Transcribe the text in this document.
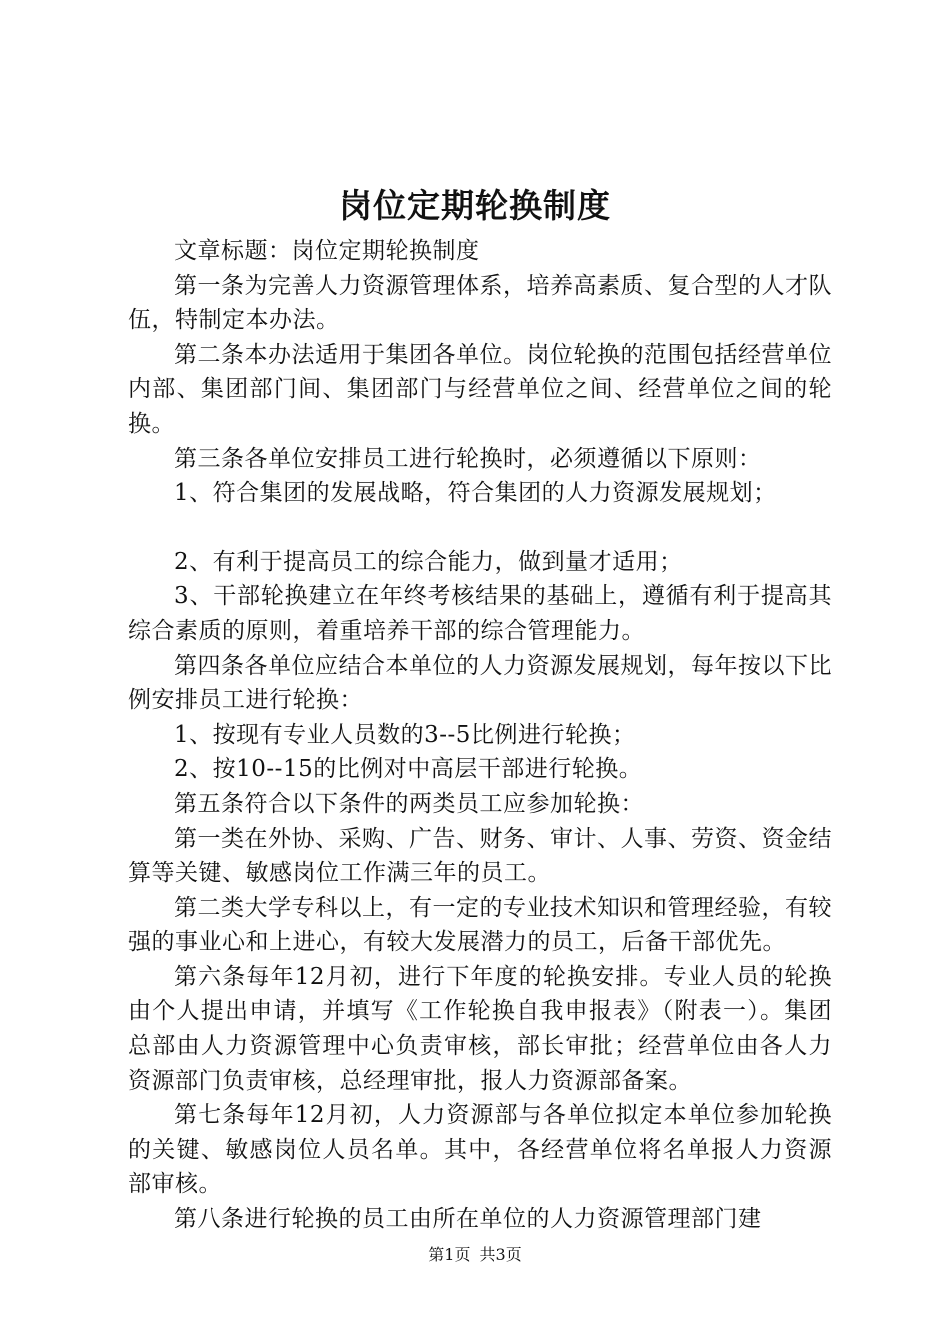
岗位定期轮换制度

文章标题：岗位定期轮换制度

第一条为完善人力资源管理体系，培养高素质、复合型的人才队伍，特制定本办法。

第二条本办法适用于集团各单位。岗位轮换的范围包括经营单位内部、集团部门间、集团部门与经营单位之间、经营单位之间的轮换。

第三条各单位安排员工进行轮换时，必须遵循以下原则：

1、符合集团的发展战略，符合集团的人力资源发展规划；

2、有利于提高员工的综合能力，做到量才适用；

3、干部轮换建立在年终考核结果的基础上，遵循有利于提高其综合素质的原则，着重培养干部的综合管理能力。

第四条各单位应结合本单位的人力资源发展规划，每年按以下比例安排员工进行轮换：

1、按现有专业人员数的3--5比例进行轮换；

2、按10--15的比例对中高层干部进行轮换。

第五条符合以下条件的两类员工应参加轮换：

第一类在外协、采购、广告、财务、审计、人事、劳资、资金结算等关键、敏感岗位工作满三年的员工。

第二类大学专科以上，有一定的专业技术知识和管理经验，有较强的事业心和上进心，有较大发展潜力的员工，后备干部优先。

第六条每年12月初，进行下年度的轮换安排。专业人员的轮换由个人提出申请，并填写《工作轮换自我申报表》（附表一）。集团总部由人力资源管理中心负责审核，部长审批；经营单位由各人力资源部门负责审核，总经理审批，报人力资源部备案。

第七条每年12月初，人力资源部与各单位拟定本单位参加轮换的关键、敏感岗位人员名单。其中，各经营单位将名单报人力资源部审核。

第八条进行轮换的员工由所在单位的人力资源管理部门建

第1页 共3页
